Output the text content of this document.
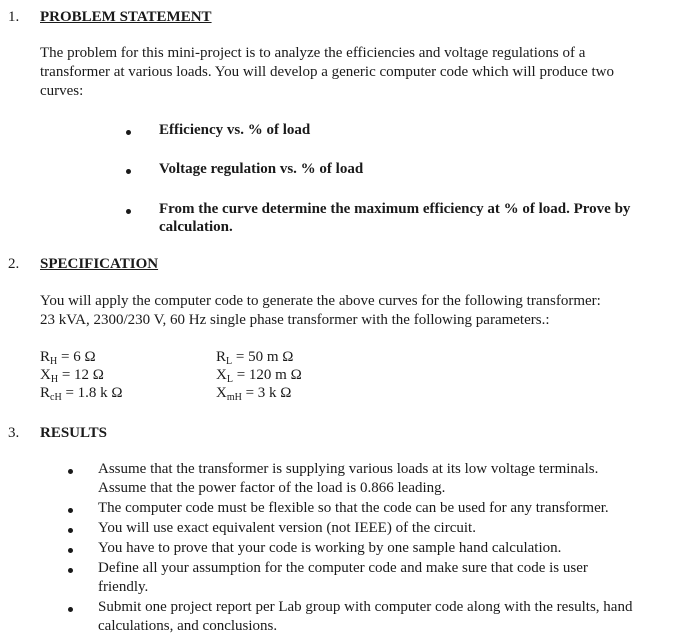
1. PROBLEM STATEMENT
The problem for this mini-project is to analyze the efficiencies and voltage regulations of a
transformer at various loads. You will develop a generic computer code which will produce two
curves:
Efficiency vs. % of load
Voltage regulation vs. % of load
From the curve determine the maximum efficiency at % of load. Prove by
calculation.
2. SPECIFICATION
You will apply the computer code to generate the above curves for the following transformer:
23 kVA, 2300/230 V, 60 Hz single phase transformer with the following parameters.:
$R_H = 6$ Ω
$X_H = 12$ Ω
$R_{cH} = 1.8$ k Ω
$R_L = 50$ m Ω
$X_L = 120$ m Ω
$X_{mH} = 3$ k Ω
3. RESULTS
Assume that the transformer is supplying various loads at its low voltage terminals.
Assume that the power factor of the load is 0.866 leading.
The computer code must be flexible so that the code can be used for any transformer.
You will use exact equivalent version (not IEEE) of the circuit.
You have to prove that your code is working by one sample hand calculation.
Define all your assumption for the computer code and make sure that code is user
friendly.
Submit one project report per Lab group with computer code along with the results, hand
calculations, and conclusions.
